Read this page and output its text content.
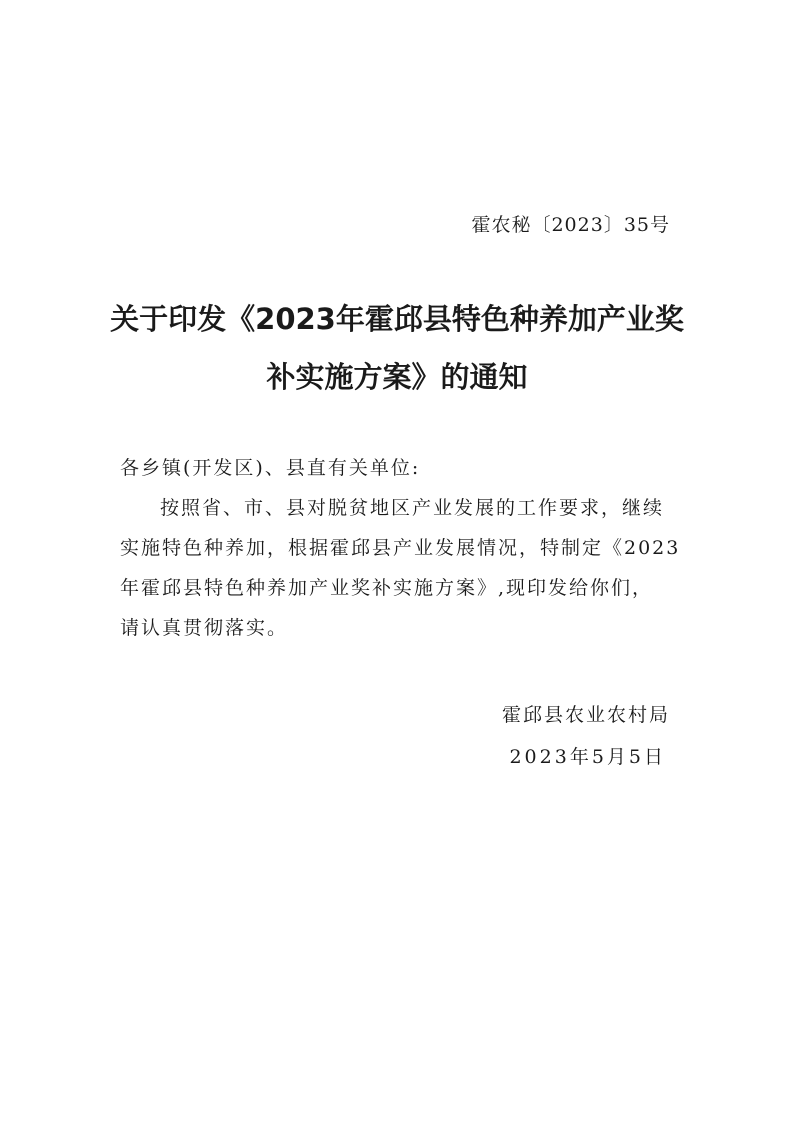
霍农秘〔2023〕35号
关于印发《2023年霍邱县特色种养加产业奖
补实施方案》的通知
各乡镇(开发区)、县直有关单位:
按照省、市、县对脱贫地区产业发展的工作要求，继续
实施特色种养加，根据霍邱县产业发展情况，特制定《2023
年霍邱县特色种养加产业奖补实施方案》,现印发给你们，
请认真贯彻落实。
霍邱县农业农村局
2023年5月5日
